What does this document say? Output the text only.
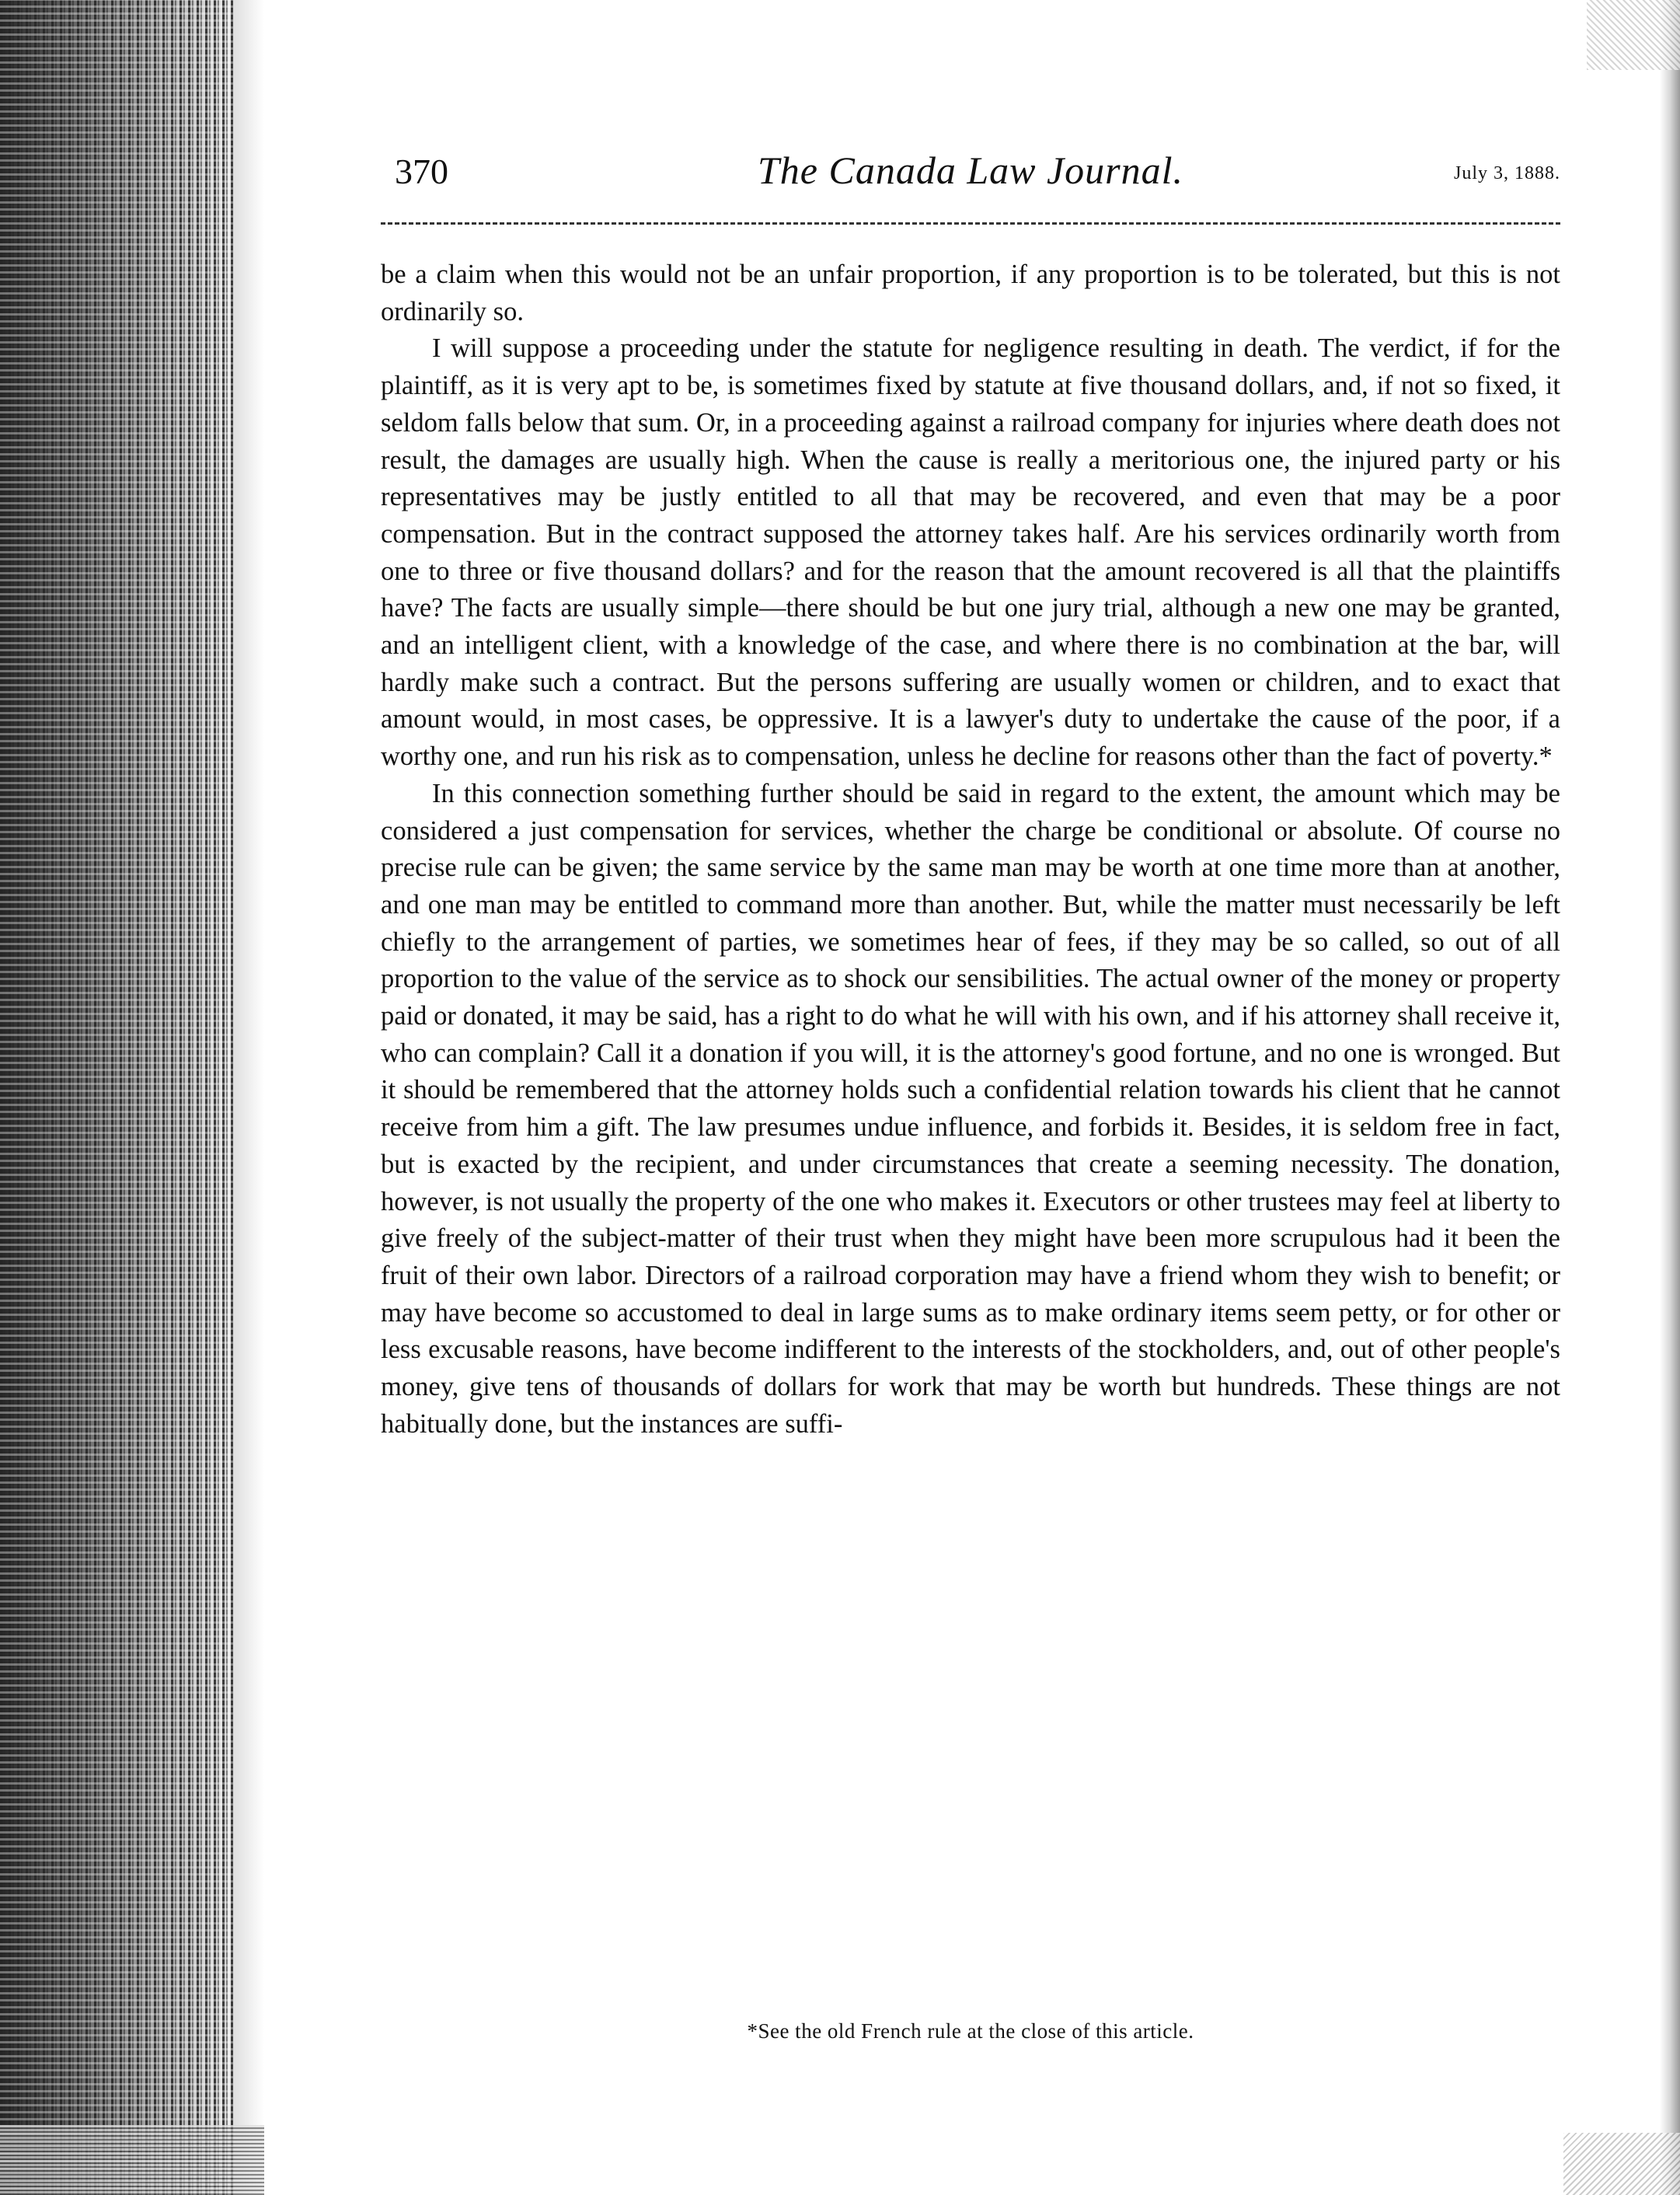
370	The Canada Law Journal.	July 3, 1888.

be a claim when this would not be an unfair proportion, if any proportion is to be tolerated, but this is not ordinarily so.

I will suppose a proceeding under the statute for negligence resulting in death. The verdict, if for the plaintiff, as it is very apt to be, is sometimes fixed by statute at five thousand dollars, and, if not so fixed, it seldom falls below that sum. Or, in a proceeding against a railroad company for injuries where death does not result, the damages are usually high. When the cause is really a meritorious one, the injured party or his representatives may be justly entitled to all that may be recovered, and even that may be a poor compensation. But in the contract supposed the attorney takes half. Are his services ordinarily worth from one to three or five thousand dollars? and for the reason that the amount recovered is all that the plaintiffs have? The facts are usually simple—there should be but one jury trial, although a new one may be granted, and an intelligent client, with a knowledge of the case, and where there is no combination at the bar, will hardly make such a contract. But the persons suffering are usually women or children, and to exact that amount would, in most cases, be oppressive. It is a lawyer's duty to undertake the cause of the poor, if a worthy one, and run his risk as to compensation, unless he decline for reasons other than the fact of poverty.*

In this connection something further should be said in regard to the extent, the amount which may be considered a just compensation for services, whether the charge be conditional or absolute. Of course no precise rule can be given; the same service by the same man may be worth at one time more than at another, and one man may be entitled to command more than another. But, while the matter must necessarily be left chiefly to the arrangement of parties, we sometimes hear of fees, if they may be so called, so out of all proportion to the value of the service as to shock our sensibilities. The actual owner of the money or property paid or donated, it may be said, has a right to do what he will with his own, and if his attorney shall receive it, who can complain? Call it a donation if you will, it is the attorney's good fortune, and no one is wronged. But it should be remembered that the attorney holds such a confidential relation towards his client that he cannot receive from him a gift. The law presumes undue influence, and forbids it. Besides, it is seldom free in fact, but is exacted by the recipient, and under circumstances that create a seeming necessity. The donation, however, is not usually the property of the one who makes it. Executors or other trustees may feel at liberty to give freely of the subject-matter of their trust when they might have been more scrupulous had it been the fruit of their own labor. Directors of a railroad corporation may have a friend whom they wish to benefit; or may have become so accustomed to deal in large sums as to make ordinary items seem petty, or for other or less excusable reasons, have become indifferent to the interests of the stockholders, and, out of other people's money, give tens of thousands of dollars for work that may be worth but hundreds. These things are not habitually done, but the instances are suffi-

*See the old French rule at the close of this article.
